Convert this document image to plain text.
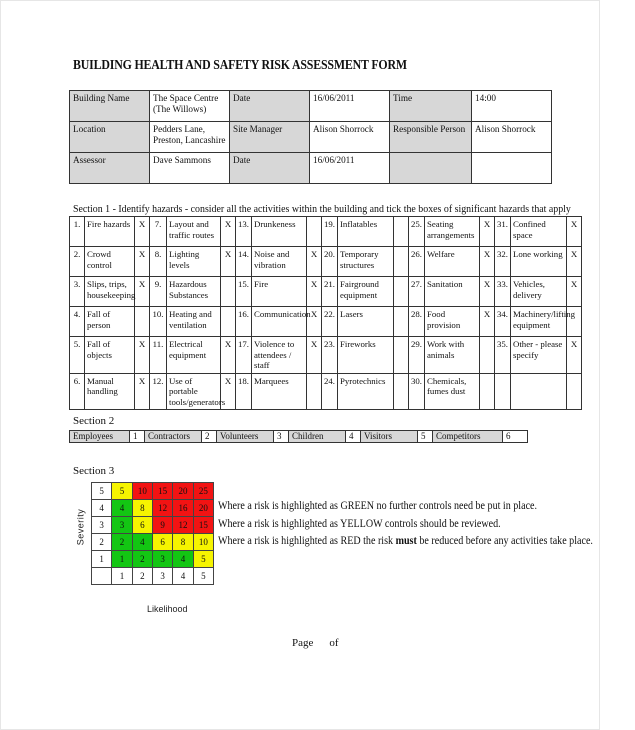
BUILDING HEALTH AND SAFETY RISK ASSESSMENT FORM
Building Name	The Space Centre (The Willows)	Date	16/06/2011	Time	14:00
Location	Pedders Lane, Preston, Lancashire	Site Manager	Alison Shorrock	Responsible Person	Alison Shorrock
Assessor	Dave Sammons	Date	16/06/2011		
Section 1 - Identify hazards - consider all the activities within the building and tick the boxes of significant hazards that apply
1.	Fire hazards	X	7.	Layout and traffic routes	X	13.	Drunkeness		19.	Inflatables		25.	Seating arrangements	X	31.	Confined space	X
2.	Crowd control	X	8.	Lighting levels	X	14.	Noise and vibration	X	20.	Temporary structures		26.	Welfare	X	32.	Lone working	X
3.	Slips, trips, housekeeping	X	9.	Hazardous Substances		15.	Fire	X	21.	Fairground equipment		27.	Sanitation	X	33.	Vehicles, delivery	X
4.	Fall of person		10.	Heating and ventilation		16.	Communication	X	22.	Lasers		28.	Food provision	X	34.	Machinery/lifting equipment	
5.	Fall of objects	X	11.	Electrical equipment	X	17.	Violence to attendees / staff	X	23.	Fireworks		29.	Work with animals		35.	Other - please specify	X
6.	Manual handling	X	12.	Use of portable tools/generators	X	18.	Marquees		24.	Pyrotechnics		30.	Chemicals, fumes dust				
Section 2
Employees	1	Contractors	2	Volunteers	3	Children	4	Visitors	5	Competitors	6
Section 3
Severity
5	5	10	15	20	25
4	4	8	12	16	20
3	3	6	9	12	15
2	2	4	6	8	10
1	1	2	3	4	5
	1	2	3	4	5
Likelihood
Where a risk is highlighted as GREEN no further controls need be put in place.
Where a risk is highlighted as YELLOW controls should be reviewed.
Where a risk is highlighted as RED the risk must be reduced before any activities take place.
Page of
